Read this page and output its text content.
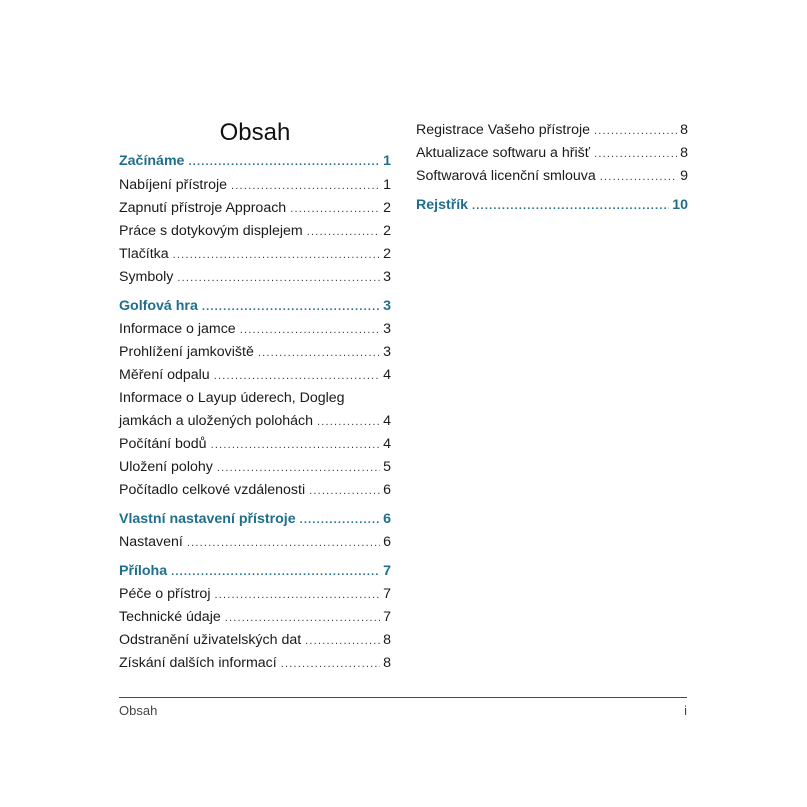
Obsah
Začínáme .....	1
Nabíjení přístroje .....	1
Zapnutí přístroje Approach .....	2
Práce s dotykovým displejem .....	2
Tlačítka .....	2
Symboly .....	3
Golfová hra .....	3
Informace o jamce .....	3
Prohlížení jamkoviště .....	3
Měření odpalu .....	4
Informace o Layup úderech, Dogleg
jamkách a uložených polohách .....	4
Počítání bodů .....	4
Uložení polohy .....	5
Počítadlo celkové vzdálenosti .....	6
Vlastní nastavení přístroje .....	6
Nastavení .....	6
Příloha .....	7
Péče o přístroj .....	7
Technické údaje .....	7
Odstranění uživatelských dat .....	8
Získání dalších informací .....	8
Registrace Vašeho přístroje .....	8
Aktualizace softwaru a hřišť .....	8
Softwarová licenční smlouva .....	9
Rejstřík .....	10
Obsah	i
